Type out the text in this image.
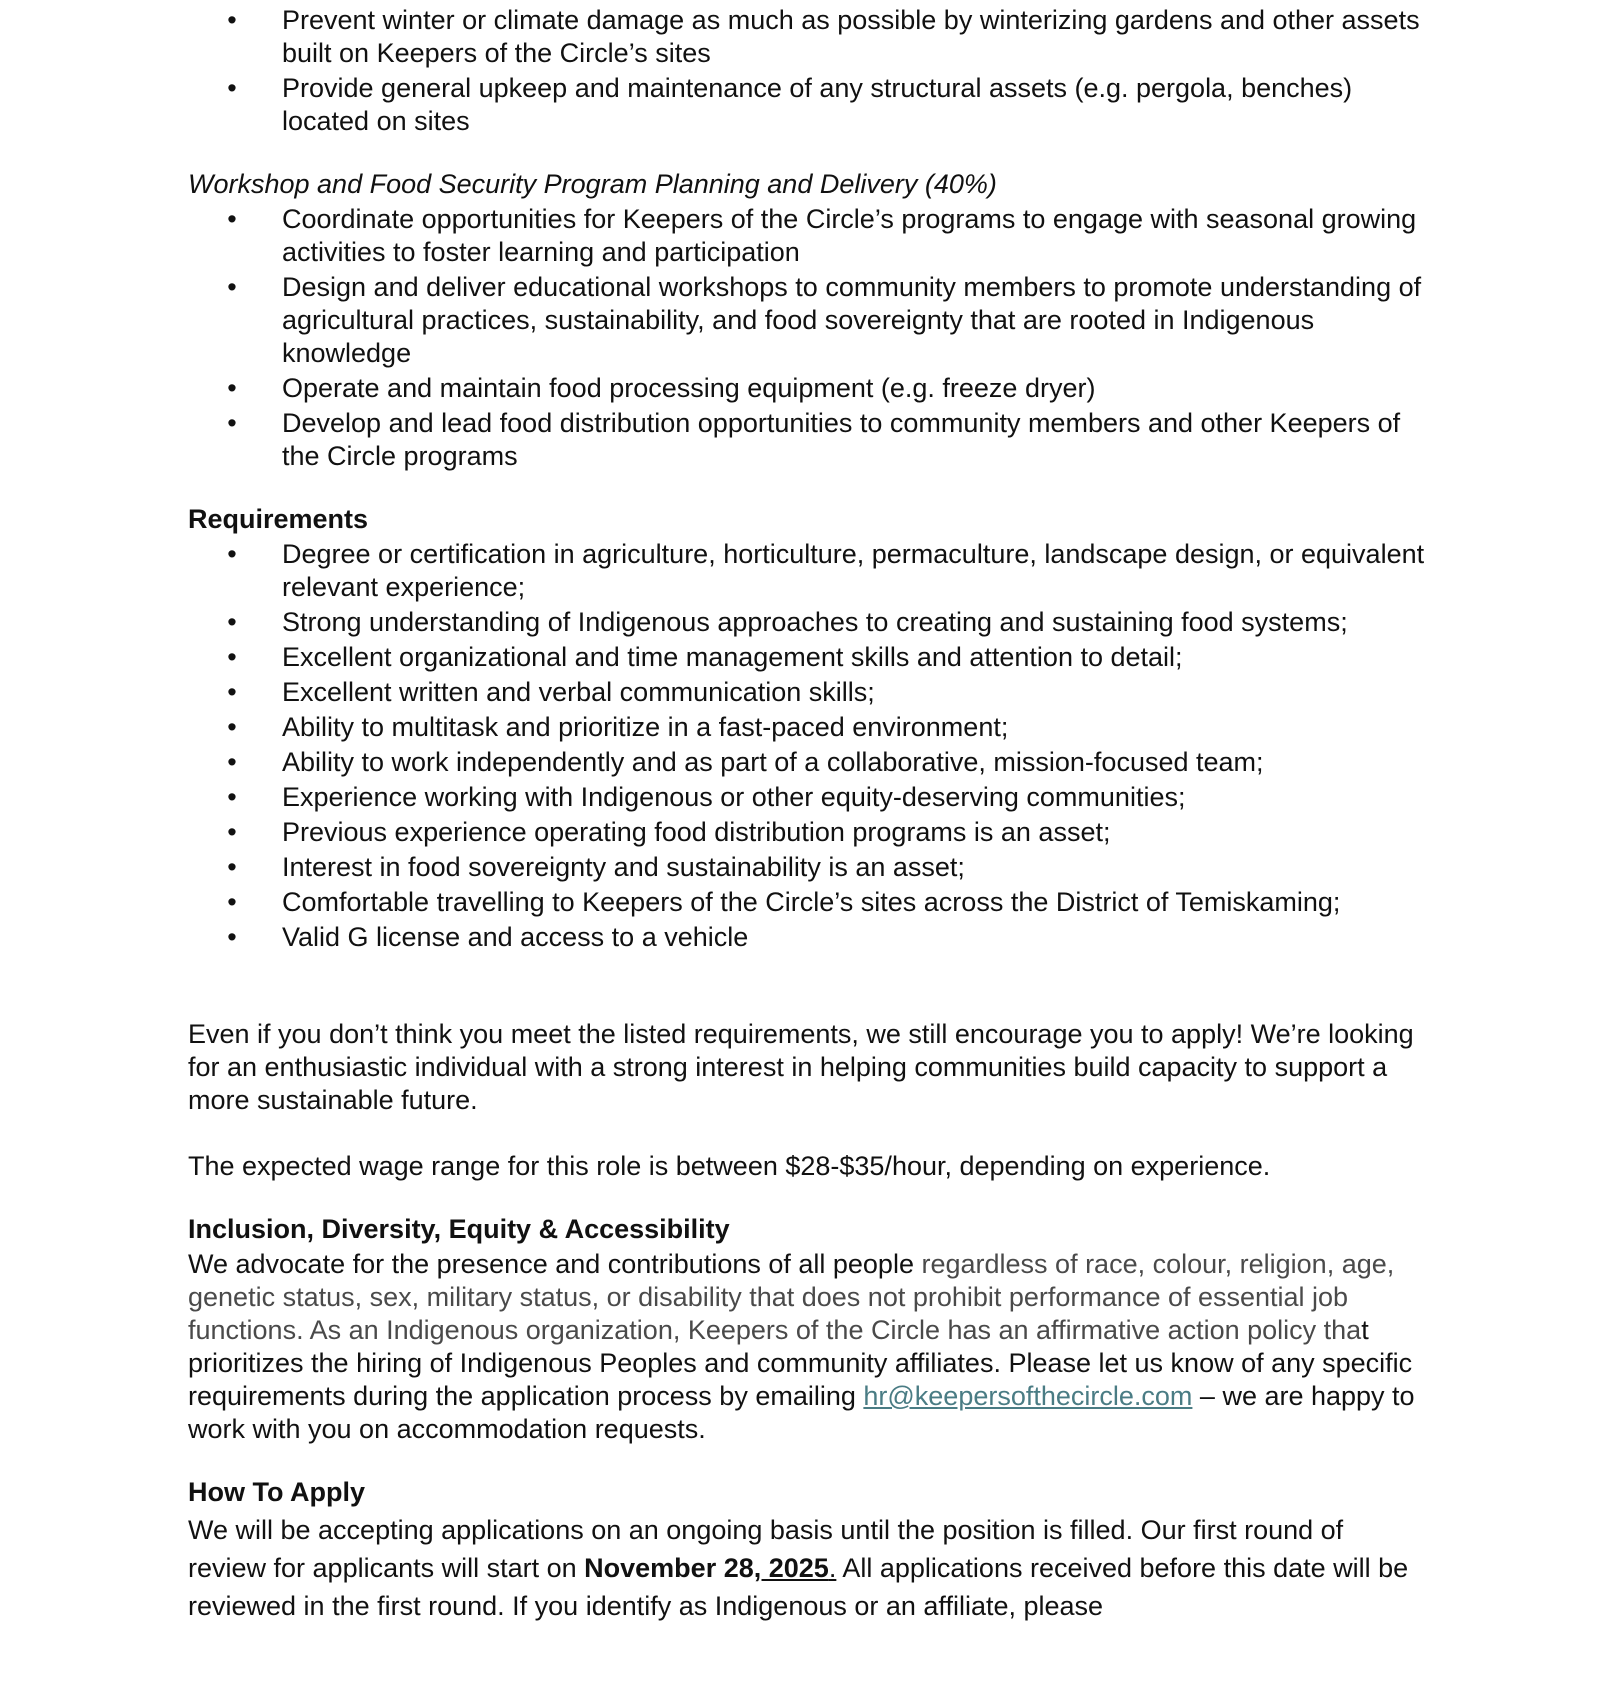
• Prevent winter or climate damage as much as possible by winterizing gardens and other assets built on Keepers of the Circle’s sites
• Provide general upkeep and maintenance of any structural assets (e.g. pergola, benches) located on sites
Workshop and Food Security Program Planning and Delivery (40%)
• Coordinate opportunities for Keepers of the Circle’s programs to engage with seasonal growing activities to foster learning and participation
• Design and deliver educational workshops to community members to promote understanding of agricultural practices, sustainability, and food sovereignty that are rooted in Indigenous knowledge
• Operate and maintain food processing equipment (e.g. freeze dryer)
• Develop and lead food distribution opportunities to community members and other Keepers of the Circle programs
Requirements
• Degree or certification in agriculture, horticulture, permaculture, landscape design, or equivalent relevant experience;
• Strong understanding of Indigenous approaches to creating and sustaining food systems;
• Excellent organizational and time management skills and attention to detail;
• Excellent written and verbal communication skills;
• Ability to multitask and prioritize in a fast-paced environment;
• Ability to work independently and as part of a collaborative, mission-focused team;
• Experience working with Indigenous or other equity-deserving communities;
• Previous experience operating food distribution programs is an asset;
• Interest in food sovereignty and sustainability is an asset;
• Comfortable travelling to Keepers of the Circle’s sites across the District of Temiskaming;
• Valid G license and access to a vehicle

Even if you don’t think you meet the listed requirements, we still encourage you to apply! We’re looking for an enthusiastic individual with a strong interest in helping communities build capacity to support a more sustainable future.

The expected wage range for this role is between $28-$35/hour, depending on experience.

Inclusion, Diversity, Equity & Accessibility

We advocate for the presence and contributions of all people regardless of race, colour, religion, age, genetic status, sex, military status, or disability that does not prohibit performance of essential job functions. As an Indigenous organization, Keepers of the Circle has an affirmative action policy that prioritizes the hiring of Indigenous Peoples and community affiliates. Please let us know of any specific requirements during the application process by emailing hr@keepersofthecircle.com – we are happy to work with you on accommodation requests.

How To Apply

We will be accepting applications on an ongoing basis until the position is filled. Our first round of review for applicants will start on November 28, 2025. All applications received before this date will be reviewed in the first round. If you identify as Indigenous or an affiliate, please
